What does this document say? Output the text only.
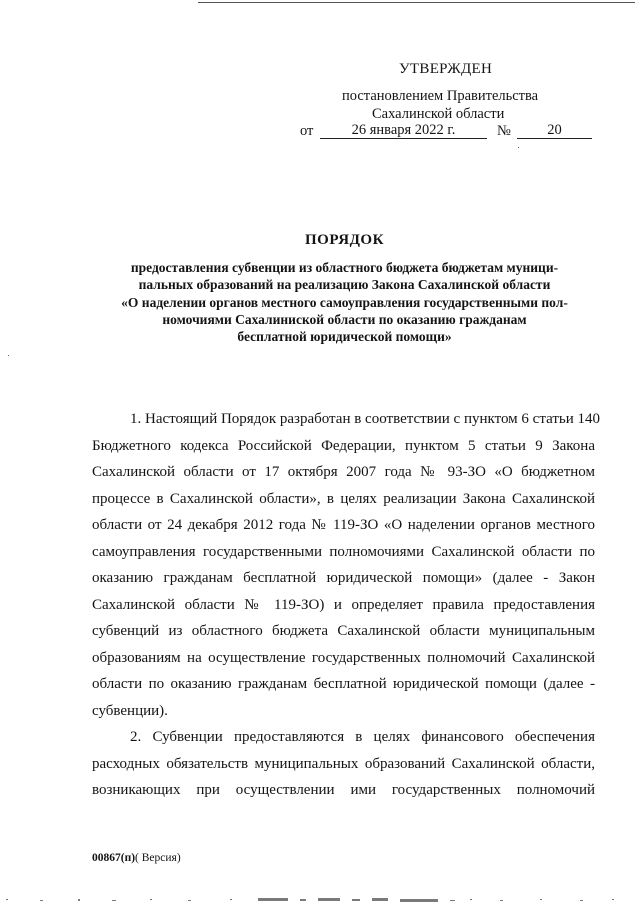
УТВЕРЖДЕН
постановлением Правительства
Сахалинской области
от	26 января 2022 г.	№	20
ПОРЯДОК
предоставления субвенции из областного бюджета бюджетам муници-
пальных образований на реализацию Закона Сахалинской области
«О наделении органов местного самоуправления государственными пол-
номочиями Сахалиниской области по оказанию гражданам
бесплатной юридической помощи»
1. Настоящий Порядок разработан в соответствии с пунктом 6 статьи 140
Бюджетного кодекса Российской Федерации, пунктом 5 статьи 9 Закона
Сахалинской области от 17 октября 2007 года № 93-ЗО «О бюджетном
процессе в Сахалинской области», в целях реализации Закона Сахалинской
области от 24 декабря 2012 года № 119-ЗО «О наделении органов местного
самоуправления государственными полномочиями Сахалинской области по
оказанию гражданам бесплатной юридической помощи» (далее - Закон
Сахалинской области № 119-ЗО) и определяет правила предоставления
субвенций из областного бюджета Сахалинской области муниципальным
образованиям на осуществление государственных полномочий Сахалинской
области по оказанию гражданам бесплатной юридической помощи (далее -
субвенции).
2. Субвенции предоставляются в целях финансового обеспечения
расходных обязательств муниципальных образований Сахалинской области,
возникающих при осуществлении ими государственных полномочий
00867(п)( Версия)
